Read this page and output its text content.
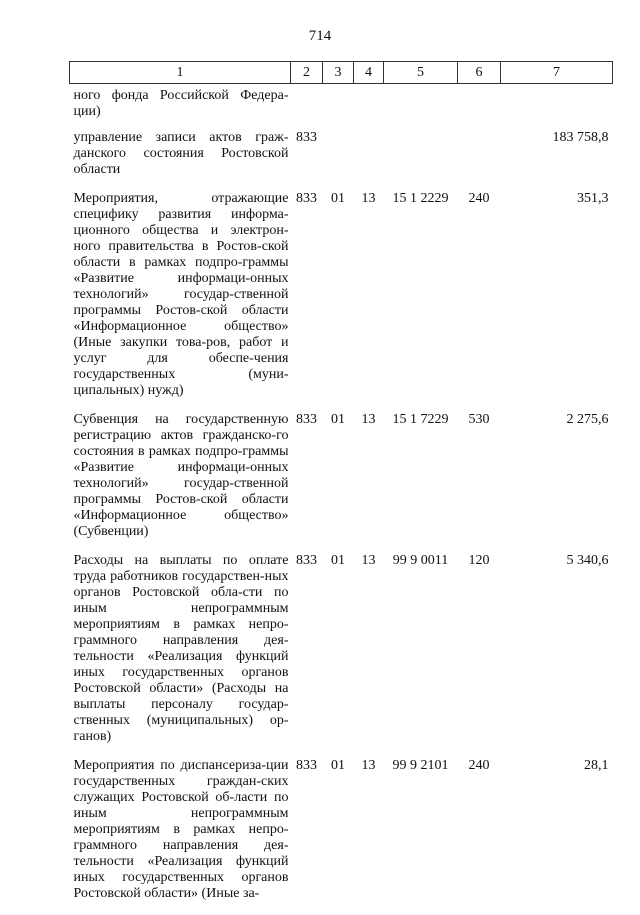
714
1	2	3	4	5	6	7
ного фонда Российской Федера-ции)						
управление записи актов граж-данского состояния Ростовской области	833					183 758,8
Мероприятия, отражающие специфику развития информа-ционного общества и электрон-ного правительства в Ростов-ской области в рамках подпро-граммы «Развитие информаци-онных технологий» государ-ственной программы Ростов-ской области «Информационное общество» (Иные закупки това-ров, работ и услуг для обеспе-чения государственных (муни-ципальных) нужд)	833	01	13	15 1 2229	240	351,3
Субвенция на государственную регистрацию актов гражданско-го состояния в рамках подпро-граммы «Развитие информаци-онных технологий» государ-ственной программы Ростов-ской области «Информационное общество» (Субвенции)	833	01	13	15 1 7229	530	2 275,6
Расходы на выплаты по оплате труда работников государствен-ных органов Ростовской обла-сти по иным непрограммным мероприятиям в рамках непро-граммного направления дея-тельности «Реализация функций иных государственных органов Ростовской области» (Расходы на выплаты персоналу государ-ственных (муниципальных) ор-ганов)	833	01	13	99 9 0011	120	5 340,6
Мероприятия по диспансеризa-ции государственных граждан-ских служащих Ростовской об-ласти по иным непрограммным мероприятиям в рамках непро-граммного направления дея-тельности «Реализация функций иных государственных органов Ростовской области» (Иные за-	833	01	13	99 9 2101	240	28,1
